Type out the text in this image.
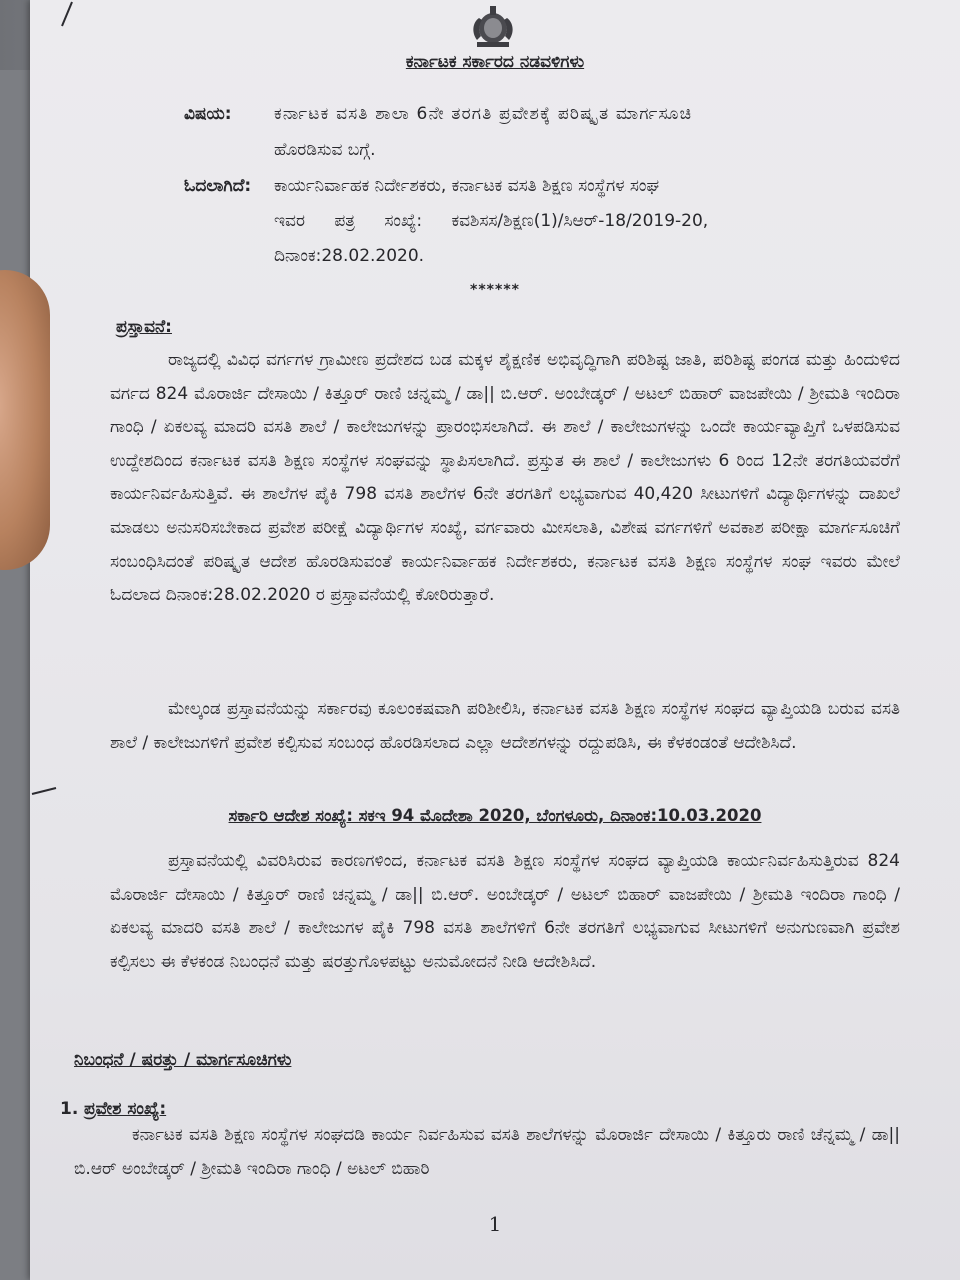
ಕರ್ನಾಟಕ ಸರ್ಕಾರದ ನಡವಳಿಗಳು
ವಿಷಯ: ಕರ್ನಾಟಕ ವಸತಿ ಶಾಲಾ 6ನೇ ತರಗತಿ ಪ್ರವೇಶಕ್ಕೆ ಪರಿಷ್ಕೃತ ಮಾರ್ಗಸೂಚಿ
ಹೊರಡಿಸುವ ಬಗ್ಗೆ.
ಓದಲಾಗಿದೆ: ಕಾರ್ಯನಿರ್ವಾಹಕ ನಿರ್ದೇಶಕರು, ಕರ್ನಾಟಕ ವಸತಿ ಶಿಕ್ಷಣ ಸಂಸ್ಥೆಗಳ ಸಂಘ
ಇವರ ಪತ್ರ ಸಂಖ್ಯೆ: ಕವಶಿಸಸ/ಶಿಕ್ಷಣ(1)/ಸಿಆರ್-18/2019-20,
ದಿನಾಂಕ:28.02.2020.
******
ಪ್ರಸ್ತಾವನೆ:
ರಾಜ್ಯದಲ್ಲಿ ವಿವಿಧ ವರ್ಗಗಳ ಗ್ರಾಮೀಣ ಪ್ರದೇಶದ ಬಡ ಮಕ್ಕಳ ಶೈಕ್ಷಣಿಕ ಅಭಿವೃದ್ಧಿಗಾಗಿ ಪರಿಶಿಷ್ಟ ಜಾತಿ, ಪರಿಶಿಷ್ಟ ಪಂಗಡ ಮತ್ತು ಹಿಂದುಳಿದ ವರ್ಗದ 824 ಮೊರಾರ್ಜಿ ದೇಸಾಯಿ / ಕಿತ್ತೂರ್ ರಾಣಿ ಚನ್ನಮ್ಮ / ಡಾ|| ಬಿ.ಆರ್. ಅಂಬೇಡ್ಕರ್ / ಅಟಲ್ ಬಿಹಾರ್ ವಾಜಪೇಯಿ / ಶ್ರೀಮತಿ ಇಂದಿರಾ ಗಾಂಧಿ / ಏಕಲವ್ಯ ಮಾದರಿ ವಸತಿ ಶಾಲೆ / ಕಾಲೇಜುಗಳನ್ನು ಪ್ರಾರಂಭಿಸಲಾಗಿದೆ. ಈ ಶಾಲೆ / ಕಾಲೇಜುಗಳನ್ನು ಒಂದೇ ಕಾರ್ಯವ್ಯಾಪ್ತಿಗೆ ಒಳಪಡಿಸುವ ಉದ್ದೇಶದಿಂದ ಕರ್ನಾಟಕ ವಸತಿ ಶಿಕ್ಷಣ ಸಂಸ್ಥೆಗಳ ಸಂಘವನ್ನು ಸ್ಥಾಪಿಸಲಾಗಿದೆ. ಪ್ರಸ್ತುತ ಈ ಶಾಲೆ / ಕಾಲೇಜುಗಳು 6 ರಿಂದ 12ನೇ ತರಗತಿಯವರೆಗೆ ಕಾರ್ಯನಿರ್ವಹಿಸುತ್ತಿವೆ. ಈ ಶಾಲೆಗಳ ಪೈಕಿ 798 ವಸತಿ ಶಾಲೆಗಳ 6ನೇ ತರಗತಿಗೆ ಲಭ್ಯವಾಗುವ 40,420 ಸೀಟುಗಳಿಗೆ ವಿದ್ಯಾರ್ಥಿಗಳನ್ನು ದಾಖಲೆ ಮಾಡಲು ಅನುಸರಿಸಬೇಕಾದ ಪ್ರವೇಶ ಪರೀಕ್ಷೆ ವಿದ್ಯಾರ್ಥಿಗಳ ಸಂಖ್ಯೆ, ವರ್ಗವಾರು ಮೀಸಲಾತಿ, ವಿಶೇಷ ವರ್ಗಗಳಿಗೆ ಅವಕಾಶ ಪರೀಕ್ಷಾ ಮಾರ್ಗಸೂಚಿಗೆ ಸಂಬಂಧಿಸಿದಂತೆ ಪರಿಷ್ಕೃತ ಆದೇಶ ಹೊರಡಿಸುವಂತೆ ಕಾರ್ಯನಿರ್ವಾಹಕ ನಿರ್ದೇಶಕರು, ಕರ್ನಾಟಕ ವಸತಿ ಶಿಕ್ಷಣ ಸಂಸ್ಥೆಗಳ ಸಂಘ ಇವರು ಮೇಲೆ ಓದಲಾದ ದಿನಾಂಕ:28.02.2020 ರ ಪ್ರಸ್ತಾವನೆಯಲ್ಲಿ ಕೋರಿರುತ್ತಾರೆ.
ಮೇಲ್ಕಂಡ ಪ್ರಸ್ತಾವನೆಯನ್ನು ಸರ್ಕಾರವು ಕೂಲಂಕಷವಾಗಿ ಪರಿಶೀಲಿಸಿ, ಕರ್ನಾಟಕ ವಸತಿ ಶಿಕ್ಷಣ ಸಂಸ್ಥೆಗಳ ಸಂಘದ ವ್ಯಾಪ್ತಿಯಡಿ ಬರುವ ವಸತಿ ಶಾಲೆ / ಕಾಲೇಜುಗಳಿಗೆ ಪ್ರವೇಶ ಕಲ್ಪಿಸುವ ಸಂಬಂಧ ಹೊರಡಿಸಲಾದ ಎಲ್ಲಾ ಆದೇಶಗಳನ್ನು ರದ್ದುಪಡಿಸಿ, ಈ ಕೆಳಕಂಡಂತೆ ಆದೇಶಿಸಿದೆ.
ಸರ್ಕಾರಿ ಆದೇಶ ಸಂಖ್ಯೆ: ಸಕಇ 94 ಮೊದೇಶಾ 2020, ಬೆಂಗಳೂರು, ದಿನಾಂಕ:10.03.2020
ಪ್ರಸ್ತಾವನೆಯಲ್ಲಿ ವಿವರಿಸಿರುವ ಕಾರಣಗಳಿಂದ, ಕರ್ನಾಟಕ ವಸತಿ ಶಿಕ್ಷಣ ಸಂಸ್ಥೆಗಳ ಸಂಘದ ವ್ಯಾಪ್ತಿಯಡಿ ಕಾರ್ಯನಿರ್ವಹಿಸುತ್ತಿರುವ 824 ಮೊರಾರ್ಜಿ ದೇಸಾಯಿ / ಕಿತ್ತೂರ್ ರಾಣಿ ಚನ್ನಮ್ಮ / ಡಾ|| ಬಿ.ಆರ್. ಅಂಬೇಡ್ಕರ್ / ಅಟಲ್ ಬಿಹಾರ್ ವಾಜಪೇಯಿ / ಶ್ರೀಮತಿ ಇಂದಿರಾ ಗಾಂಧಿ / ಏಕಲವ್ಯ ಮಾದರಿ ವಸತಿ ಶಾಲೆ / ಕಾಲೇಜುಗಳ ಪೈಕಿ 798 ವಸತಿ ಶಾಲೆಗಳಿಗೆ 6ನೇ ತರಗತಿಗೆ ಲಭ್ಯವಾಗುವ ಸೀಟುಗಳಿಗೆ ಅನುಗುಣವಾಗಿ ಪ್ರವೇಶ ಕಲ್ಪಿಸಲು ಈ ಕೆಳಕಂಡ ನಿಬಂಧನೆ ಮತ್ತು ಷರತ್ತುಗೊಳಪಟ್ಟು ಅನುಮೋದನೆ ನೀಡಿ ಆದೇಶಿಸಿದೆ.
ನಿಬಂಧನೆ / ಷರತ್ತು / ಮಾರ್ಗಸೂಚಿಗಳು
1. ಪ್ರವೇಶ ಸಂಖ್ಯೆ:
ಕರ್ನಾಟಕ ವಸತಿ ಶಿಕ್ಷಣ ಸಂಸ್ಥೆಗಳ ಸಂಘದಡಿ ಕಾರ್ಯ ನಿರ್ವಹಿಸುವ ವಸತಿ ಶಾಲೆಗಳನ್ನು ಮೊರಾರ್ಜಿ ದೇಸಾಯಿ / ಕಿತ್ತೂರು ರಾಣಿ ಚೆನ್ನಮ್ಮ / ಡಾ|| ಬಿ.ಆರ್ ಅಂಬೇಡ್ಕರ್ / ಶ್ರೀಮತಿ ಇಂದಿರಾ ಗಾಂಧಿ / ಅಟಲ್ ಬಿಹಾರಿ
1
